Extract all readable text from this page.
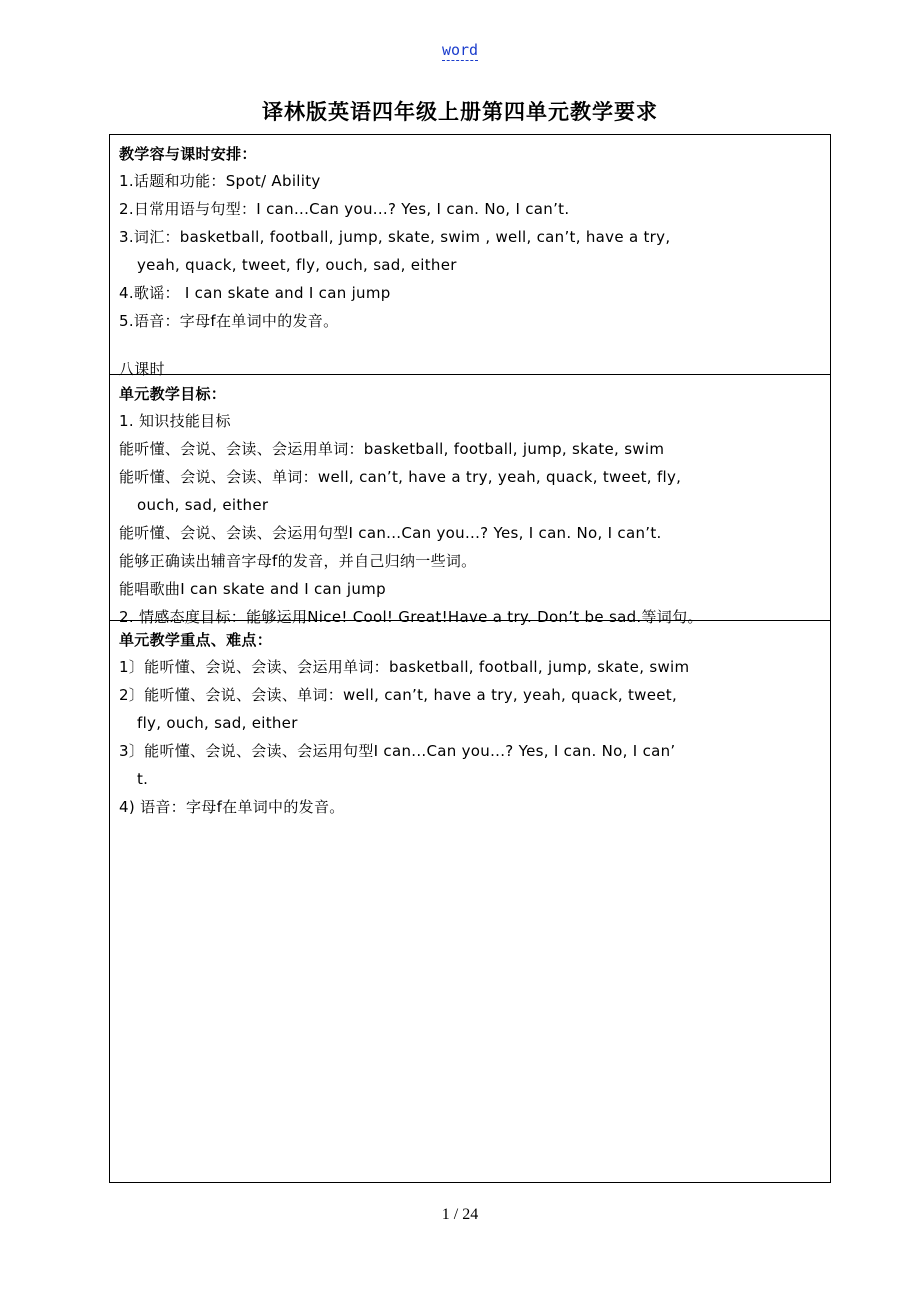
word
译林版英语四年级上册第四单元教学要求

教学容与课时安排：

1.话题和功能：Spot/ Ability

2.日常用语与句型：I can...Can you...? Yes, I can. No, I can’t.

3.词汇：basketball, football, jump, skate, swim , well, can’t, have a try,

yeah, quack, tweet, fly, ouch, sad, either

4.歌谣： I can skate and I can jump

5.语音：字母f在单词中的发音。

八课时

单元教学目标：

1. 知识技能目标

能听懂、会说、会读、会运用单词：basketball, football, jump, skate, swim

能听懂、会说、会读、单词：well, can’t, have a try, yeah, quack, tweet, fly,

ouch, sad, either

能听懂、会说、会读、会运用句型I can...Can you...? Yes, I can. No, I can’t.

能够正确读出辅音字母f的发音，并自己归纳一些词。

能唱歌曲I can skate and I can jump

2. 情感态度目标：能够运用Nice! Cool! Great!Have a try. Don’t be sad.等词句。

单元教学重点、难点：

1〕能听懂、会说、会读、会运用单词：basketball, football, jump, skate, swim

2〕能听懂、会说、会读、单词：well, can’t, have a try, yeah, quack, tweet,

fly, ouch, sad, either

3〕能听懂、会说、会读、会运用句型I can...Can you...? Yes, I can. No, I can’

t.

4) 语音：字母f在单词中的发音。

1 / 24
